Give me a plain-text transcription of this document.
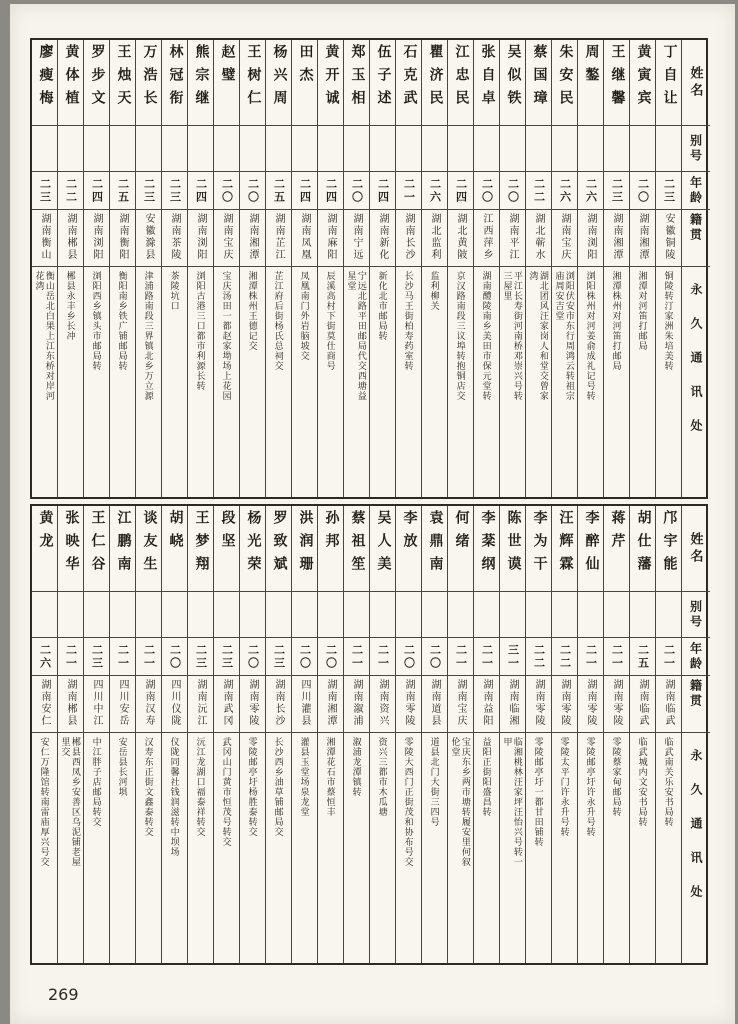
廖瘦梅
二三
湖南衡山
衡山岳北白果上江东桥对岸河花湾
黄体植
二二
湖南郴县
郴县永丰乡长冲
罗步文
二四
湖南浏阳
浏阳西乡镇头市邮局转
王烛天
二五
湖南衡阳
衡阳南乡铁广铺邮局转
万浩长
二三
安徽滁县
津浦路南段三界镇北乡万立源
林冠衔
二三
湖南茶陵
茶陵坑口
熊宗继
二四
湖南浏阳
浏阳古港三口都市利源长转
赵璧
二〇
湖南宝庆
宝庆汤田一都赵家坳场上花园
王树仁
二〇
湖南湘潭
湘潭株州王德记交
杨兴周
二五
湖南芷江
芷江府后街杨氏总祠交
田杰
二四
湖南凤凰
凤凰南门外岩脑坡交
黄开诚
二四
湖南麻阳
辰溪高村下街莫仕商号
郑玉相
二〇
湖南宁远
宁远北路平田邮局代交西塘益星堂
伍子述
二四
湖南新化
新化北市邮局转
石克武
二一
湖南长沙
长沙马王街柏寿药室转
瞿济民
二六
湖北监利
监利柳关
江忠民
二四
湖北黄陂
京汉路南段三议埠转抱铜店交
张自卓
二〇
江西萍乡
湖南醴陵南乡美田市保元堂转
吴似铁
二〇
湖南平江
平江长寿街河南桥邓崇兴号转三屋里
蔡国璋
二二
湖北蕲水
湖北团风汪家岗人和堂交曾家湾
朱安民
二六
湖南宝庆
浏阳伏安市东行周鸿云转祖宗庙周安吉堂
周鏊
二六
湖南浏阳
浏阳株州对河姜俞成礼记号转
王继馨
二三
湖南湘潭
湘潭株州对河笛打邮局
黄寅宾
二〇
湖南湘潭
湘潭对河笛打邮局
丁自让
二三
安徽铜陵
铜陵转汀家洲朱培美转
姓名
别号
年龄
籍贯
永久通讯处
黄龙
二六
湖南安仁
安仁万隆馆转南雷庙厚兴号交
张映华
二一
湖南郴县
郴县西凤乡安善区乌泥铺老屋里交
王仁谷
二三
四川中江
中江胖子店邮局转交
江鹏南
二一
四川安岳
安岳县长河埧
谈友生
二一
湖南汉寿
汉寿东正街文鑫泰转交
胡峣
二〇
四川仪陇
仪陇同馨社钱润滋转中坝场
王梦翔
二三
湖南沅江
沅江龙湖口福泰祥转交
段坚
二三
湖南武冈
武冈山门黄市恒茂号转交
杨光荣
二〇
湖南零陵
零陵邮亭圩杨胜泰转交
罗致斌
二三
湖南长沙
长沙西乡油草铺邮局交
洪润珊
二〇
四川灌县
灌县玉堂场泉龙堂
孙邦
二〇
湖南湘潭
湘潭花石市蔡恒丰
蔡祖笙
二一
湖南溆浦
溆浦龙潭镇转
吴人美
二一
湖南资兴
资兴三都市木瓜塘
李放
二〇
湖南零陵
零陵大西门正街茂和协布号交
袁鼎南
二〇
湖南道县
道县北门大街三四号
何绪
二一
湖南宝庆
宝庆东乡两市塘转履安里何叙伦堂
李棻纲
二一
湖南益阳
益阳正街阳盛昌转
陈世谟
三一
湖南临湘
临湘桃林汪家坪汪怡兴号转一甲
李为干
二二
湖南零陵
零陵邮亭圩一都甘田铺转
汪辉霖
二二
湖南零陵
零陵太平门许永升号转
李醉仙
二一
湖南零陵
零陵邮亭圩许永升号转
蒋芹
二一
湖南零陵
零陵蔡家甸邮局转
胡仕藩
二五
湖南临武
临武城内文安书局转
邝宇能
二一
湖南临武
临武南关乐安书局转
姓名
别号
年龄
籍贯
永久通讯处
269
